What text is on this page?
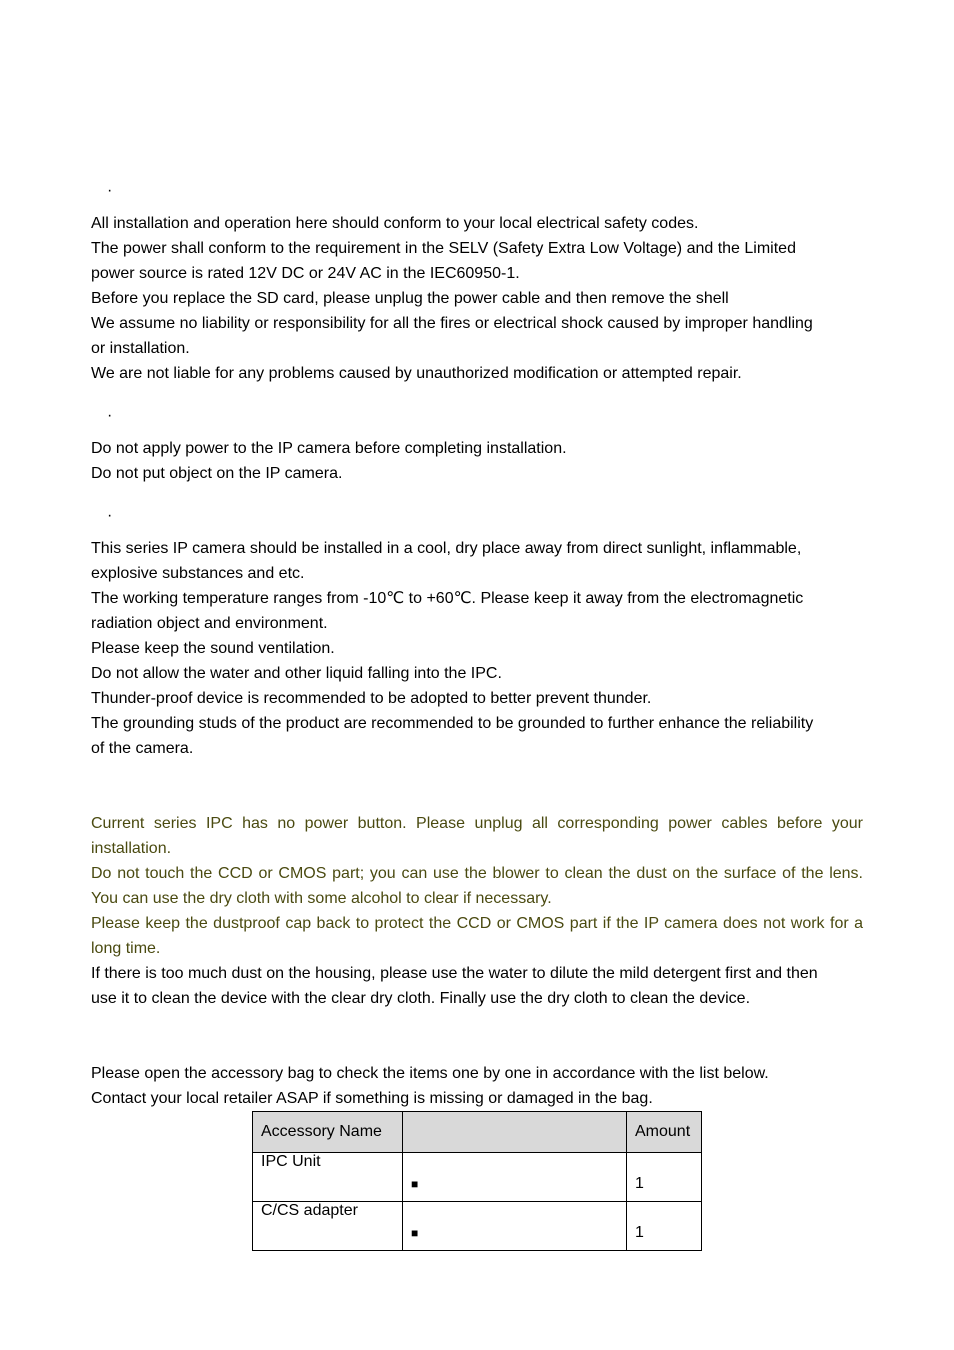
·
All installation and operation here should conform to your local electrical safety codes.
The power shall conform to the requirement in the SELV (Safety Extra Low Voltage) and the Limited
power source is rated 12V DC or 24V AC in the IEC60950-1.
Before you replace the SD card, please unplug the power cable and then remove the shell
We assume no liability or responsibility for all the fires or electrical shock caused by improper handling
or installation.
We are not liable for any problems caused by unauthorized modification or attempted repair.
·
Do not apply power to the IP camera before completing installation.
Do not put object on the IP camera.
·
This series IP camera should be installed in a cool, dry place away from direct sunlight, inflammable,
explosive substances and etc.
The working temperature ranges from -10℃ to +60℃. Please keep it away from the electromagnetic
radiation object and environment.
Please keep the sound ventilation.
Do not allow the water and other liquid falling into the IPC.
Thunder-proof device is recommended to be adopted to better prevent thunder.
The grounding studs of the product are recommended to be grounded to further enhance the reliability
of the camera.
Current series IPC has no power button. Please unplug all corresponding power cables before your installation.
Do not touch the CCD or CMOS part; you can use the blower to clean the dust on the surface of the lens. You can use the dry cloth with some alcohol to clear if necessary.
Please keep the dustproof cap back to protect the CCD or CMOS part if the IP camera does not work for a long time.
If there is too much dust on the housing, please use the water to dilute the mild detergent first and then
use it to clean the device with the clear dry cloth. Finally use the dry cloth to clean the device.
Please open the accessory bag to check the items one by one in accordance with the list below.
Contact your local retailer ASAP if something is missing or damaged in the bag.
Accessory Name		Amount
IPC Unit	■	1
C/CS adapter	■	1
